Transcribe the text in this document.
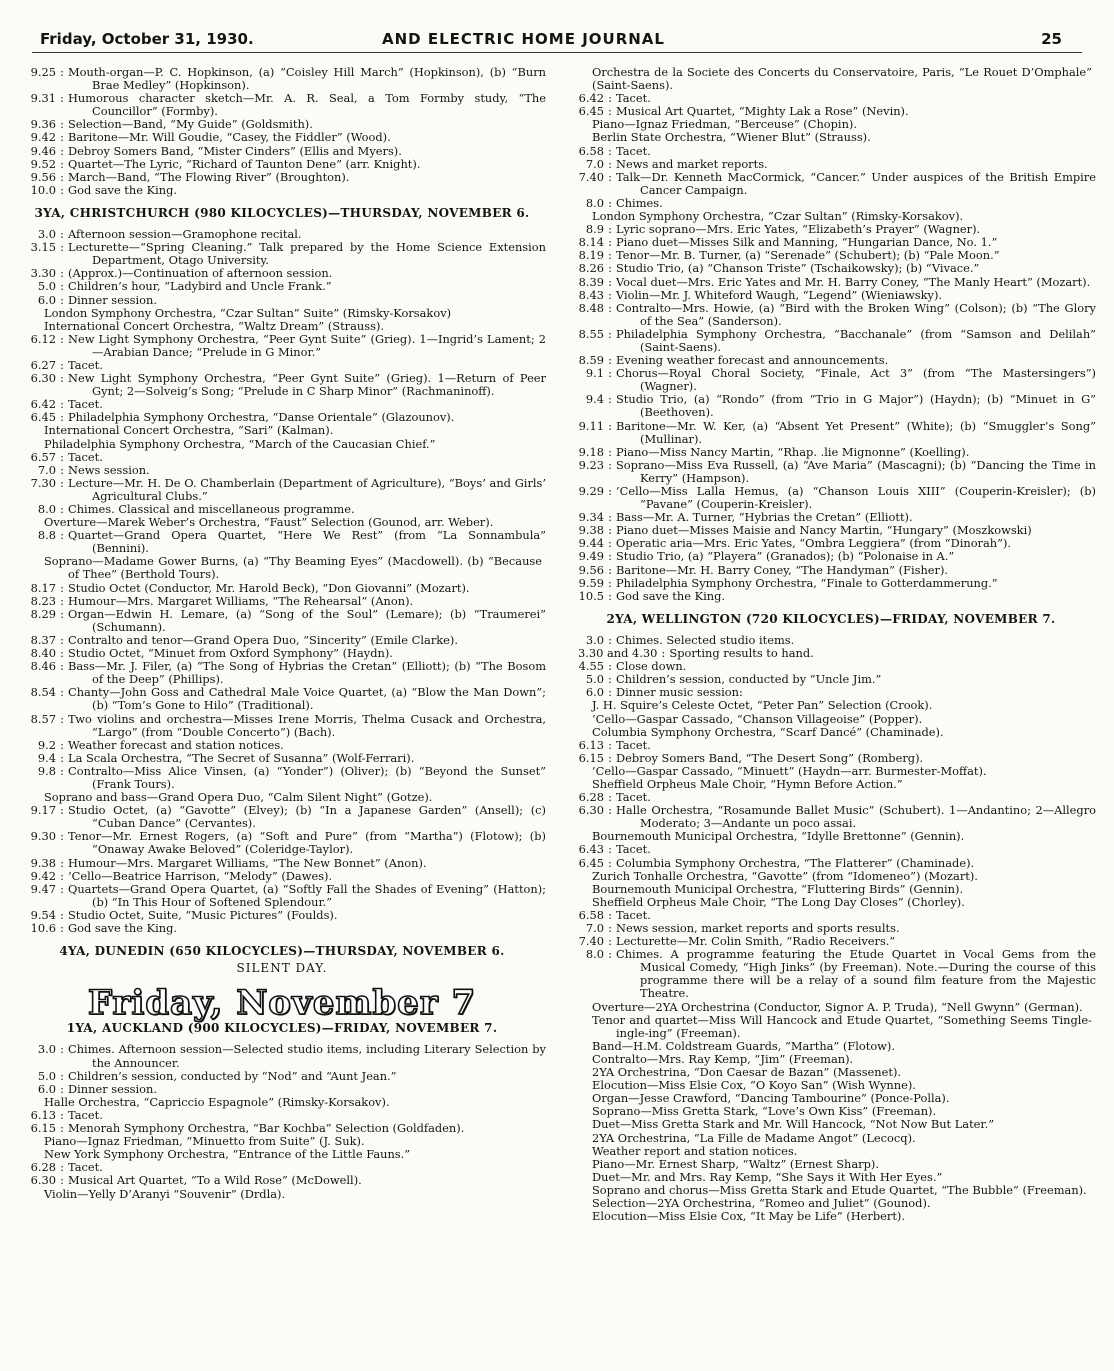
Friday, October 31, 1930.	AND ELECTRIC HOME JOURNAL	25
9.25 : Mouth-organ—P. C. Hopkinson, (a) “Coisley Hill March” (Hopkinson), (b) “Burn Brae Medley” (Hopkinson).
9.31 : Humorous character sketch—Mr. A. R. Seal, a Tom Formby study, “The Councillor” (Formby).
9.36 : Selection—Band, “My Guide” (Goldsmith).
9.42 : Baritone—Mr. Will Goudie, “Casey, the Fiddler” (Wood).
9.46 : Debroy Somers Band, “Mister Cinders” (Ellis and Myers).
9.52 : Quartet—The Lyric, “Richard of Taunton Dene” (arr. Knight).
9.56 : March—Band, “The Flowing River” (Broughton).
10.0 : God save the King.
3YA, CHRISTCHURCH (980 KILOCYCLES)—THURSDAY, NOVEMBER 6.
3.0 : Afternoon session—Gramophone recital.
3.15 : Lecturette—“Spring Cleaning.” Talk prepared by the Home Science Extension Department, Otago University.
3.30 : (Approx.)—Continuation of afternoon session.
5.0 : Children’s hour, “Ladybird and Uncle Frank.”
6.0 : Dinner session.
London Symphony Orchestra, “Czar Sultan” Suite” (Rimsky-Korsakov)
International Concert Orchestra, “Waltz Dream” (Strauss).
6.12 : New Light Symphony Orchestra, “Peer Gynt Suite” (Grieg). 1—Ingrid’s Lament; 2—Arabian Dance; “Prelude in G Minor.”
6.27 : Tacet.
6.30 : New Light Symphony Orchestra, “Peer Gynt Suite” (Grieg). 1—Return of Peer Gynt; 2—Solveig’s Song; “Prelude in C Sharp Minor” (Rachmaninoff).
6.42 : Tacet.
6.45 : Philadelphia Symphony Orchestra, “Danse Orientale” (Glazounov).
International Concert Orchestra, “Sari” (Kalman).
Philadelphia Symphony Orchestra, “March of the Caucasian Chief.”
6.57 : Tacet.
7.0 : News session.
7.30 : Lecture—Mr. H. De O. Chamberlain (Department of Agriculture), “Boys’ and Girls’ Agricultural Clubs.”
8.0 : Chimes. Classical and miscellaneous programme.
Overture—Marek Weber’s Orchestra, “Faust” Selection (Gounod, arr. Weber).
8.8 : Quartet—Grand Opera Quartet, “Here We Rest” (from “La Sonnambula” (Bennini).
Soprano—Madame Gower Burns, (a) “Thy Beaming Eyes” (Macdowell). (b) “Because of Thee” (Berthold Tours).
8.17 : Studio Octet (Conductor, Mr. Harold Beck), “Don Giovanni” (Mozart).
8.23 : Humour—Mrs. Margaret Williams, “The Rehearsal” (Anon).
8.29 : Organ—Edwin H. Lemare, (a) “Song of the Soul” (Lemare); (b) “Traumerei” (Schumann).
8.37 : Contralto and tenor—Grand Opera Duo, “Sincerity” (Emile Clarke).
8.40 : Studio Octet, “Minuet from Oxford Symphony” (Haydn).
8.46 : Bass—Mr. J. Filer, (a) “The Song of Hybrias the Cretan” (Elliott); (b) “The Bosom of the Deep” (Phillips).
8.54 : Chanty—John Goss and Cathedral Male Voice Quartet, (a) “Blow the Man Down”; (b) “Tom’s Gone to Hilo” (Traditional).
8.57 : Two violins and orchestra—Misses Irene Morris, Thelma Cusack and Orchestra, “Largo” (from “Double Concerto”) (Bach).
9.2 : Weather forecast and station notices.
9.4 : La Scala Orchestra, “The Secret of Susanna” (Wolf-Ferrari).
9.8 : Contralto—Miss Alice Vinsen, (a) “Yonder”) (Oliver); (b) “Beyond the Sunset” (Frank Tours).
Soprano and bass—Grand Opera Duo, “Calm Silent Night” (Gotze).
9.17 : Studio Octet, (a) “Gavotte” (Elvey); (b) “In a Japanese Garden” (Ansell); (c) “Cuban Dance” (Cervantes).
9.30 : Tenor—Mr. Ernest Rogers, (a) “Soft and Pure” (from “Martha”) (Flotow); (b) “Onaway Awake Beloved” (Coleridge-Taylor).
9.38 : Humour—Mrs. Margaret Williams, “The New Bonnet” (Anon).
9.42 : ’Cello—Beatrice Harrison, “Melody” (Dawes).
9.47 : Quartets—Grand Opera Quartet, (a) “Softly Fall the Shades of Evening” (Hatton); (b) “In This Hour of Softened Splendour.”
9.54 : Studio Octet, Suite, “Music Pictures” (Foulds).
10.6 : God save the King.
4YA, DUNEDIN (650 KILOCYCLES)—THURSDAY, NOVEMBER 6.
SILENT DAY.
Friday, November 7
1YA, AUCKLAND (900 KILOCYCLES)—FRIDAY, NOVEMBER 7.
3.0 : Chimes. Afternoon session—Selected studio items, including Literary Selection by the Announcer.
5.0 : Children’s session, conducted by “Nod” and “Aunt Jean.”
6.0 : Dinner session.
Halle Orchestra, “Capriccio Espagnole” (Rimsky-Korsakov).
6.13 : Tacet.
6.15 : Menorah Symphony Orchestra, “Bar Kochba” Selection (Goldfaden).
Piano—Ignaz Friedman, “Minuetto from Suite” (J. Suk).
New York Symphony Orchestra, “Entrance of the Little Fauns.”
6.28 : Tacet.
6.30 : Musical Art Quartet, “To a Wild Rose” (McDowell).
Violin—Yelly D’Aranyi “Souvenir” (Drdla).
Orchestra de la Societe des Concerts du Conservatoire, Paris, “Le Rouet D’Omphale” (Saint-Saens).
6.42 : Tacet.
6.45 : Musical Art Quartet, “Mighty Lak a Rose” (Nevin).
Piano—Ignaz Friedman, “Berceuse” (Chopin).
Berlin State Orchestra, “Wiener Blut” (Strauss).
6.58 : Tacet.
7.0 : News and market reports.
7.40 : Talk—Dr. Kenneth MacCormick, “Cancer.” Under auspices of the British Empire Cancer Campaign.
8.0 : Chimes.
London Symphony Orchestra, “Czar Sultan” (Rimsky-Korsakov).
8.9 : Lyric soprano—Mrs. Eric Yates, “Elizabeth’s Prayer” (Wagner).
8.14 : Piano duet—Misses Silk and Manning, “Hungarian Dance, No. 1.”
8.19 : Tenor—Mr. B. Turner, (a) “Serenade” (Schubert); (b) “Pale Moon.”
8.26 : Studio Trio, (a) “Chanson Triste” (Tschaikowsky); (b) “Vivace.”
8.39 : Vocal duet—Mrs. Eric Yates and Mr. H. Barry Coney, “The Manly Heart” (Mozart).
8.43 : Violin—Mr. J. Whiteford Waugh, “Legend” (Wieniawsky).
8.48 : Contralto—Mrs. Howie, (a) “Bird with the Broken Wing” (Colson); (b) “The Glory of the Sea” (Sanderson).
8.55 : Philadelphia Symphony Orchestra, “Bacchanale” (from “Samson and Delilah” (Saint-Saens).
8.59 : Evening weather forecast and announcements.
9.1 : Chorus—Royal Choral Society, “Finale, Act 3” (from “The Mastersingers”) (Wagner).
9.4 : Studio Trio, (a) “Rondo” (from “Trio in G Major”) (Haydn); (b) “Minuet in G” (Beethoven).
9.11 : Baritone—Mr. W. Ker, (a) “Absent Yet Present” (White); (b) “Smuggler’s Song” (Mullinar).
9.18 : Piano—Miss Nancy Martin, “Rhap. .lie Mignonne” (Koelling).
9.23 : Soprano—Miss Eva Russell, (a) “Ave Maria” (Mascagni); (b) “Dancing the Time in Kerry” (Hampson).
9.29 : ’Cello—Miss Lalla Hemus, (a) “Chanson Louis XIII” (Couperin-Kreisler); (b) “Pavane” (Couperin-Kreisler).
9.34 : Bass—Mr. A. Turner, “Hybrias the Cretan” (Elliott).
9.38 : Piano duet—Misses Maisie and Nancy Martin, “Hungary” (Moszkowski)
9.44 : Operatic aria—Mrs. Eric Yates, “Ombra Leggiera” (from “Dinorah”).
9.49 : Studio Trio, (a) “Playera” (Granados); (b) “Polonaise in A.”
9.56 : Baritone—Mr. H. Barry Coney, “The Handyman” (Fisher).
9.59 : Philadelphia Symphony Orchestra, “Finale to Gotterdammerung.”
10.5 : God save the King.
2YA, WELLINGTON (720 KILOCYCLES)—FRIDAY, NOVEMBER 7.
3.0 : Chimes. Selected studio items.
3.30 and 4.30 : Sporting results to hand.
4.55 : Close down.
5.0 : Children’s session, conducted by “Uncle Jim.”
6.0 : Dinner music session:
J. H. Squire’s Celeste Octet, “Peter Pan” Selection (Crook).
’Cello—Gaspar Cassado, “Chanson Villageoise” (Popper).
Columbia Symphony Orchestra, “Scarf Dancé” (Chaminade).
6.13 : Tacet.
6.15 : Debroy Somers Band, “The Desert Song” (Romberg).
’Cello—Gaspar Cassado, “Minuett” (Haydn—arr. Burmester-Moffat).
Sheffield Orpheus Male Choir, “Hymn Before Action.”
6.28 : Tacet.
6.30 : Halle Orchestra, “Rosamunde Ballet Music” (Schubert). 1—Andantino; 2—Allegro Moderato; 3—Andante un poco assai.
Bournemouth Municipal Orchestra, “Idylle Brettonne” (Gennin).
6.43 : Tacet.
6.45 : Columbia Symphony Orchestra, “The Flatterer” (Chaminade).
Zurich Tonhalle Orchestra, “Gavotte” (from “Idomeneo”) (Mozart).
Bournemouth Municipal Orchestra, “Fluttering Birds” (Gennin).
Sheffield Orpheus Male Choir, “The Long Day Closes” (Chorley).
6.58 : Tacet.
7.0 : News session, market reports and sports results.
7.40 : Lecturette—Mr. Colin Smith, “Radio Receivers.”
8.0 : Chimes. A programme featuring the Etude Quartet in Vocal Gems from the Musical Comedy, “High Jinks” (by Freeman). Note.—During the course of this programme there will be a relay of a sound film feature from the Majestic Theatre.
Overture—2YA Orchestrina (Conductor, Signor A. P. Truda), “Nell Gwynn” (German).
Tenor and quartet—Miss Will Hancock and Etude Quartet, “Something Seems Tingle-ingle-ing” (Freeman).
Band—H.M. Coldstream Guards, “Martha” (Flotow).
Contralto—Mrs. Ray Kemp, “Jim” (Freeman).
2YA Orchestrina, “Don Caesar de Bazan” (Massenet).
Elocution—Miss Elsie Cox, “O Koyo San” (Wish Wynne).
Organ—Jesse Crawford, “Dancing Tambourine” (Ponce-Polla).
Soprano—Miss Gretta Stark, “Love’s Own Kiss” (Freeman).
Duet—Miss Gretta Stark and Mr. Will Hancock, “Not Now But Later.”
2YA Orchestrina, “La Fille de Madame Angot” (Lecocq).
Weather report and station notices.
Piano—Mr. Ernest Sharp, “Waltz” (Ernest Sharp).
Duet—Mr. and Mrs. Ray Kemp, “She Says it With Her Eyes.”
Soprano and chorus—Miss Gretta Stark and Etude Quartet, “The Bubble” (Freeman).
Selection—2YA Orchestrina, “Romeo and Juliet” (Gounod).
Elocution—Miss Elsie Cox, “It May be Life” (Herbert).
